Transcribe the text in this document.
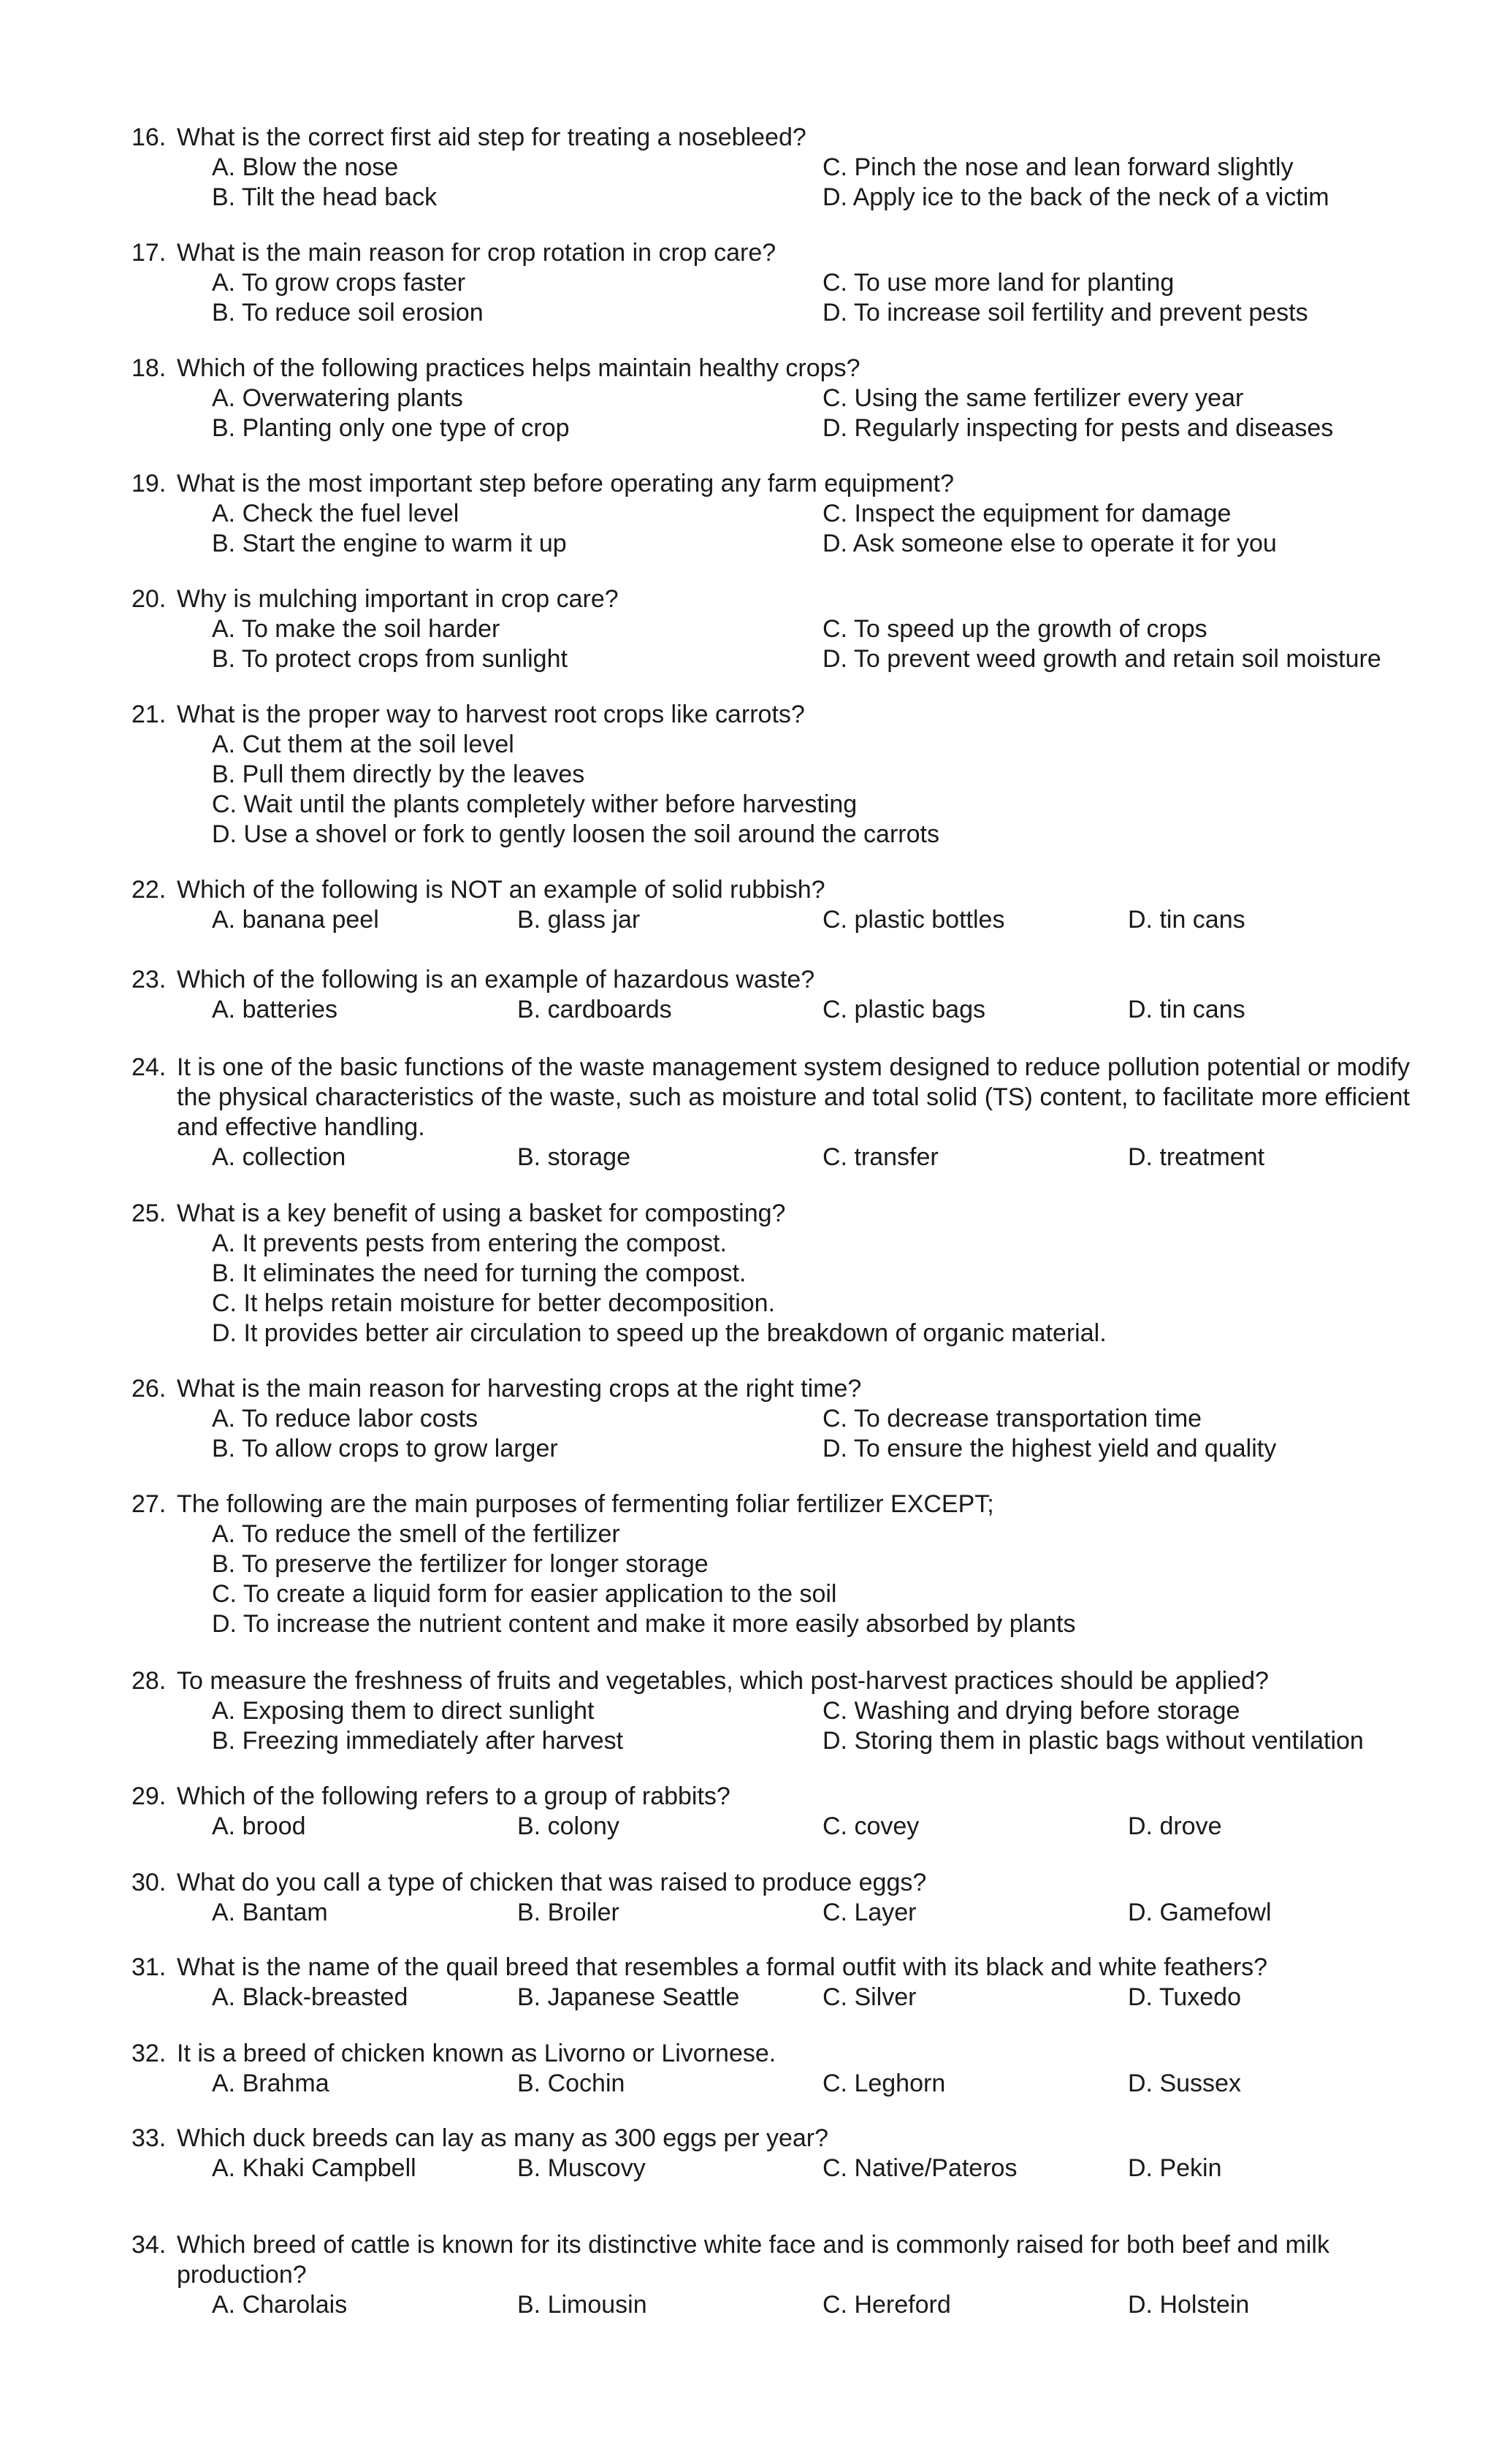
16. What is the correct first aid step for treating a nosebleed?
A. Blow the nose	C. Pinch the nose and lean forward slightly
B. Tilt the head back	D. Apply ice to the back of the neck of a victim
17. What is the main reason for crop rotation in crop care?
A. To grow crops faster	C. To use more land for planting
B. To reduce soil erosion	D. To increase soil fertility and prevent pests
18. Which of the following practices helps maintain healthy crops?
A. Overwatering plants	C. Using the same fertilizer every year
B. Planting only one type of crop	D. Regularly inspecting for pests and diseases
19. What is the most important step before operating any farm equipment?
A. Check the fuel level	C. Inspect the equipment for damage
B. Start the engine to warm it up	D. Ask someone else to operate it for you
20. Why is mulching important in crop care?
A. To make the soil harder	C. To speed up the growth of crops
B. To protect crops from sunlight	D. To prevent weed growth and retain soil moisture
21. What is the proper way to harvest root crops like carrots?
A. Cut them at the soil level
B. Pull them directly by the leaves
C. Wait until the plants completely wither before harvesting
D. Use a shovel or fork to gently loosen the soil around the carrots
22. Which of the following is NOT an example of solid rubbish?
A. banana peel	B. glass jar	C. plastic bottles	D. tin cans
23. Which of the following is an example of hazardous waste?
A. batteries	B. cardboards	C. plastic bags	D. tin cans
24. It is one of the basic functions of the waste management system designed to reduce pollution potential or modify the physical characteristics of the waste, such as moisture and total solid (TS) content, to facilitate more efficient and effective handling.
A. collection	B. storage	C. transfer	D. treatment
25. What is a key benefit of using a basket for composting?
A. It prevents pests from entering the compost.
B. It eliminates the need for turning the compost.
C. It helps retain moisture for better decomposition.
D. It provides better air circulation to speed up the breakdown of organic material.
26. What is the main reason for harvesting crops at the right time?
A. To reduce labor costs	C. To decrease transportation time
B. To allow crops to grow larger	D. To ensure the highest yield and quality
27. The following are the main purposes of fermenting foliar fertilizer EXCEPT;
A. To reduce the smell of the fertilizer
B. To preserve the fertilizer for longer storage
C. To create a liquid form for easier application to the soil
D. To increase the nutrient content and make it more easily absorbed by plants
28. To measure the freshness of fruits and vegetables, which post-harvest practices should be applied?
A. Exposing them to direct sunlight	C. Washing and drying before storage
B. Freezing immediately after harvest	D. Storing them in plastic bags without ventilation
29. Which of the following refers to a group of rabbits?
A. brood	B. colony	C. covey	D. drove
30. What do you call a type of chicken that was raised to produce eggs?
A. Bantam	B. Broiler	C. Layer	D. Gamefowl
31. What is the name of the quail breed that resembles a formal outfit with its black and white feathers?
A. Black-breasted	B. Japanese Seattle	C. Silver	D. Tuxedo
32. It is a breed of chicken known as Livorno or Livornese.
A. Brahma	B. Cochin	C. Leghorn	D. Sussex
33. Which duck breeds can lay as many as 300 eggs per year?
A. Khaki Campbell	B. Muscovy	C. Native/Pateros	D. Pekin
34. Which breed of cattle is known for its distinctive white face and is commonly raised for both beef and milk production?
A. Charolais	B. Limousin	C. Hereford	D. Holstein
